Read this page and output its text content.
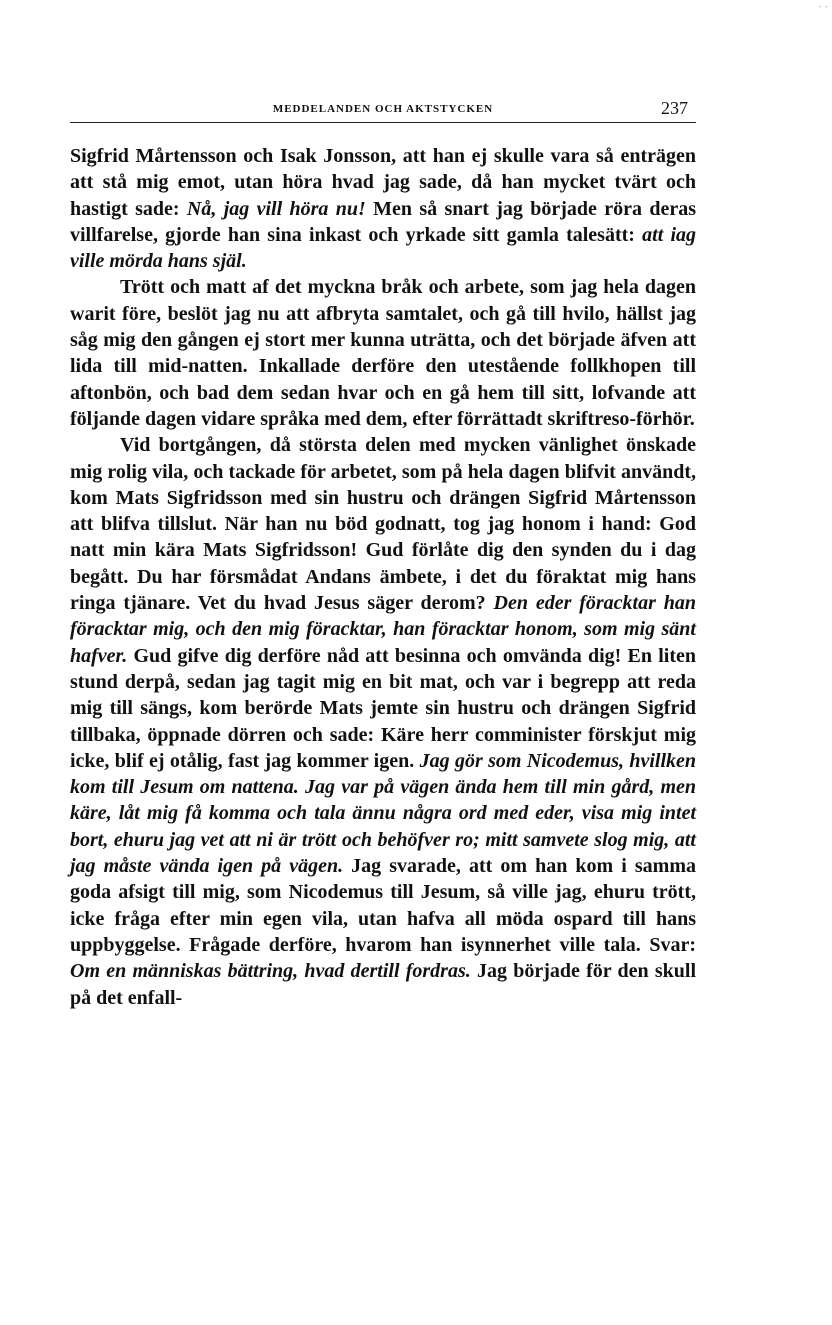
- -
MEDDELANDEN OCH AKTSTYCKEN	237

Sigfrid Mårtensson och Isak Jonsson, att han ej skulle vara så enträgen att stå mig emot, utan höra hvad jag sade, då han mycket tvärt och hastigt sade: Nå, jag vill höra nu! Men så snart jag började röra deras villfarelse, gjorde han sina inkast och yrkade sitt gamla talesätt: att iag ville mörda hans själ.

Trött och matt af det myckna bråk och arbete, som jag hela dagen warit före, beslöt jag nu att afbryta samtalet, och gå till hvilo, hällst jag såg mig den gången ej stort mer kunna uträtta, och det började äfven att lida till mid-natten. Inkallade derföre den utestående follkhopen till aftonbön, och bad dem sedan hvar och en gå hem till sitt, lofvande att följande dagen vidare språka med dem, efter förrättadt skriftreso-förhör.

Vid bortgången, då största delen med mycken vänlighet önskade mig rolig vila, och tackade för arbetet, som på hela dagen blifvit användt, kom Mats Sigfridsson med sin hustru och drängen Sigfrid Mårtensson att blifva tillslut. När han nu böd godnatt, tog jag honom i hand: God natt min kära Mats Sigfridsson! Gud förlåte dig den synden du i dag begått. Du har försmådat Andans ämbete, i det du föraktat mig hans ringa tjänare. Vet du hvad Jesus säger derom? Den eder föracktar han föracktar mig, och den mig föracktar, han föracktar honom, som mig sänt hafver. Gud gifve dig derföre nåd att besinna och omvända dig! En liten stund derpå, sedan jag tagit mig en bit mat, och var i begrepp att reda mig till sängs, kom berörde Mats jemte sin hustru och drängen Sigfrid tillbaka, öppnade dörren och sade: Käre herr comminister förskjut mig icke, blif ej otålig, fast jag kommer igen. Jag gör som Nicodemus, hvillken kom till Jesum om nattena. Jag var på vägen ända hem till min gård, men käre, låt mig få komma och tala ännu några ord med eder, visa mig intet bort, ehuru jag vet att ni är trött och behöfver ro; mitt samvete slog mig, att jag måste vända igen på vägen. Jag svarade, att om han kom i samma goda afsigt till mig, som Nicodemus till Jesum, så ville jag, ehuru trött, icke fråga efter min egen vila, utan hafva all möda ospard till hans uppbyggelse. Frågade derföre, hvarom han isynnerhet ville tala. Svar: Om en människas bättring, hvad dertill fordras. Jag började för den skull på det enfall-
